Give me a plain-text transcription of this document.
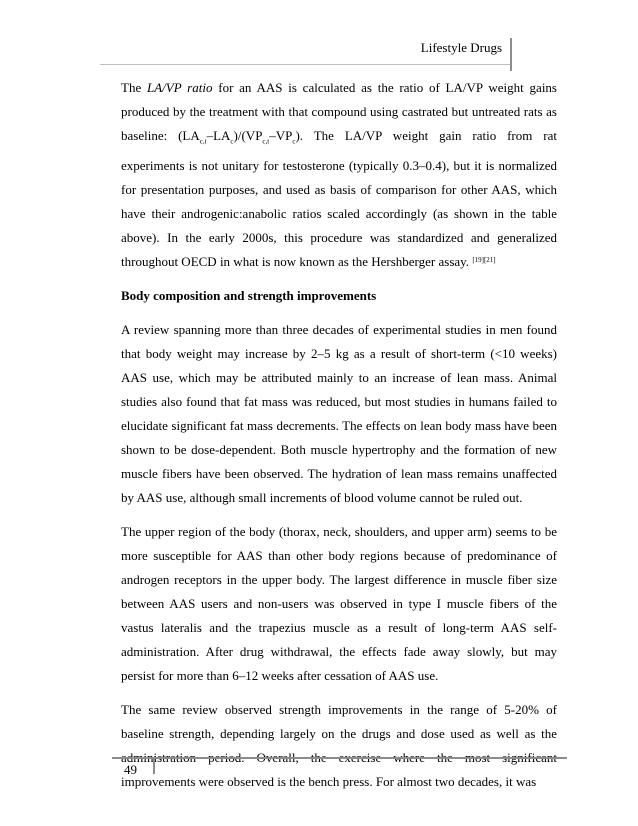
Lifestyle Drugs

The LA/VP ratio for an AAS is calculated as the ratio of LA/VP weight gains produced by the treatment with that compound using castrated but untreated rats as baseline: $(LA_{c,t}-LA_c)/(VP_{c,t}-VP_c)$. The LA/VP weight gain ratio from rat experiments is not unitary for testosterone (typically 0.3–0.4), but it is normalized for presentation purposes, and used as basis of comparison for other AAS, which have their androgenic:anabolic ratios scaled accordingly (as shown in the table above). In the early 2000s, this procedure was standardized and generalized throughout OECD in what is now known as the Hershberger assay. [19][21]

Body composition and strength improvements

A review spanning more than three decades of experimental studies in men found that body weight may increase by 2–5 kg as a result of short-term (<10 weeks) AAS use, which may be attributed mainly to an increase of lean mass. Animal studies also found that fat mass was reduced, but most studies in humans failed to elucidate significant fat mass decrements. The effects on lean body mass have been shown to be dose-dependent. Both muscle hypertrophy and the formation of new muscle fibers have been observed. The hydration of lean mass remains unaffected by AAS use, although small increments of blood volume cannot be ruled out.

The upper region of the body (thorax, neck, shoulders, and upper arm) seems to be more susceptible for AAS than other body regions because of predominance of androgen receptors in the upper body. The largest difference in muscle fiber size between AAS users and non-users was observed in type I muscle fibers of the vastus lateralis and the trapezius muscle as a result of long-term AAS self-administration. After drug withdrawal, the effects fade away slowly, but may persist for more than 6–12 weeks after cessation of AAS use.

The same review observed strength improvements in the range of 5-20% of baseline strength, depending largely on the drugs and dose used as well as the improvements were observed is the bench press. For almost two decades, it was

49
